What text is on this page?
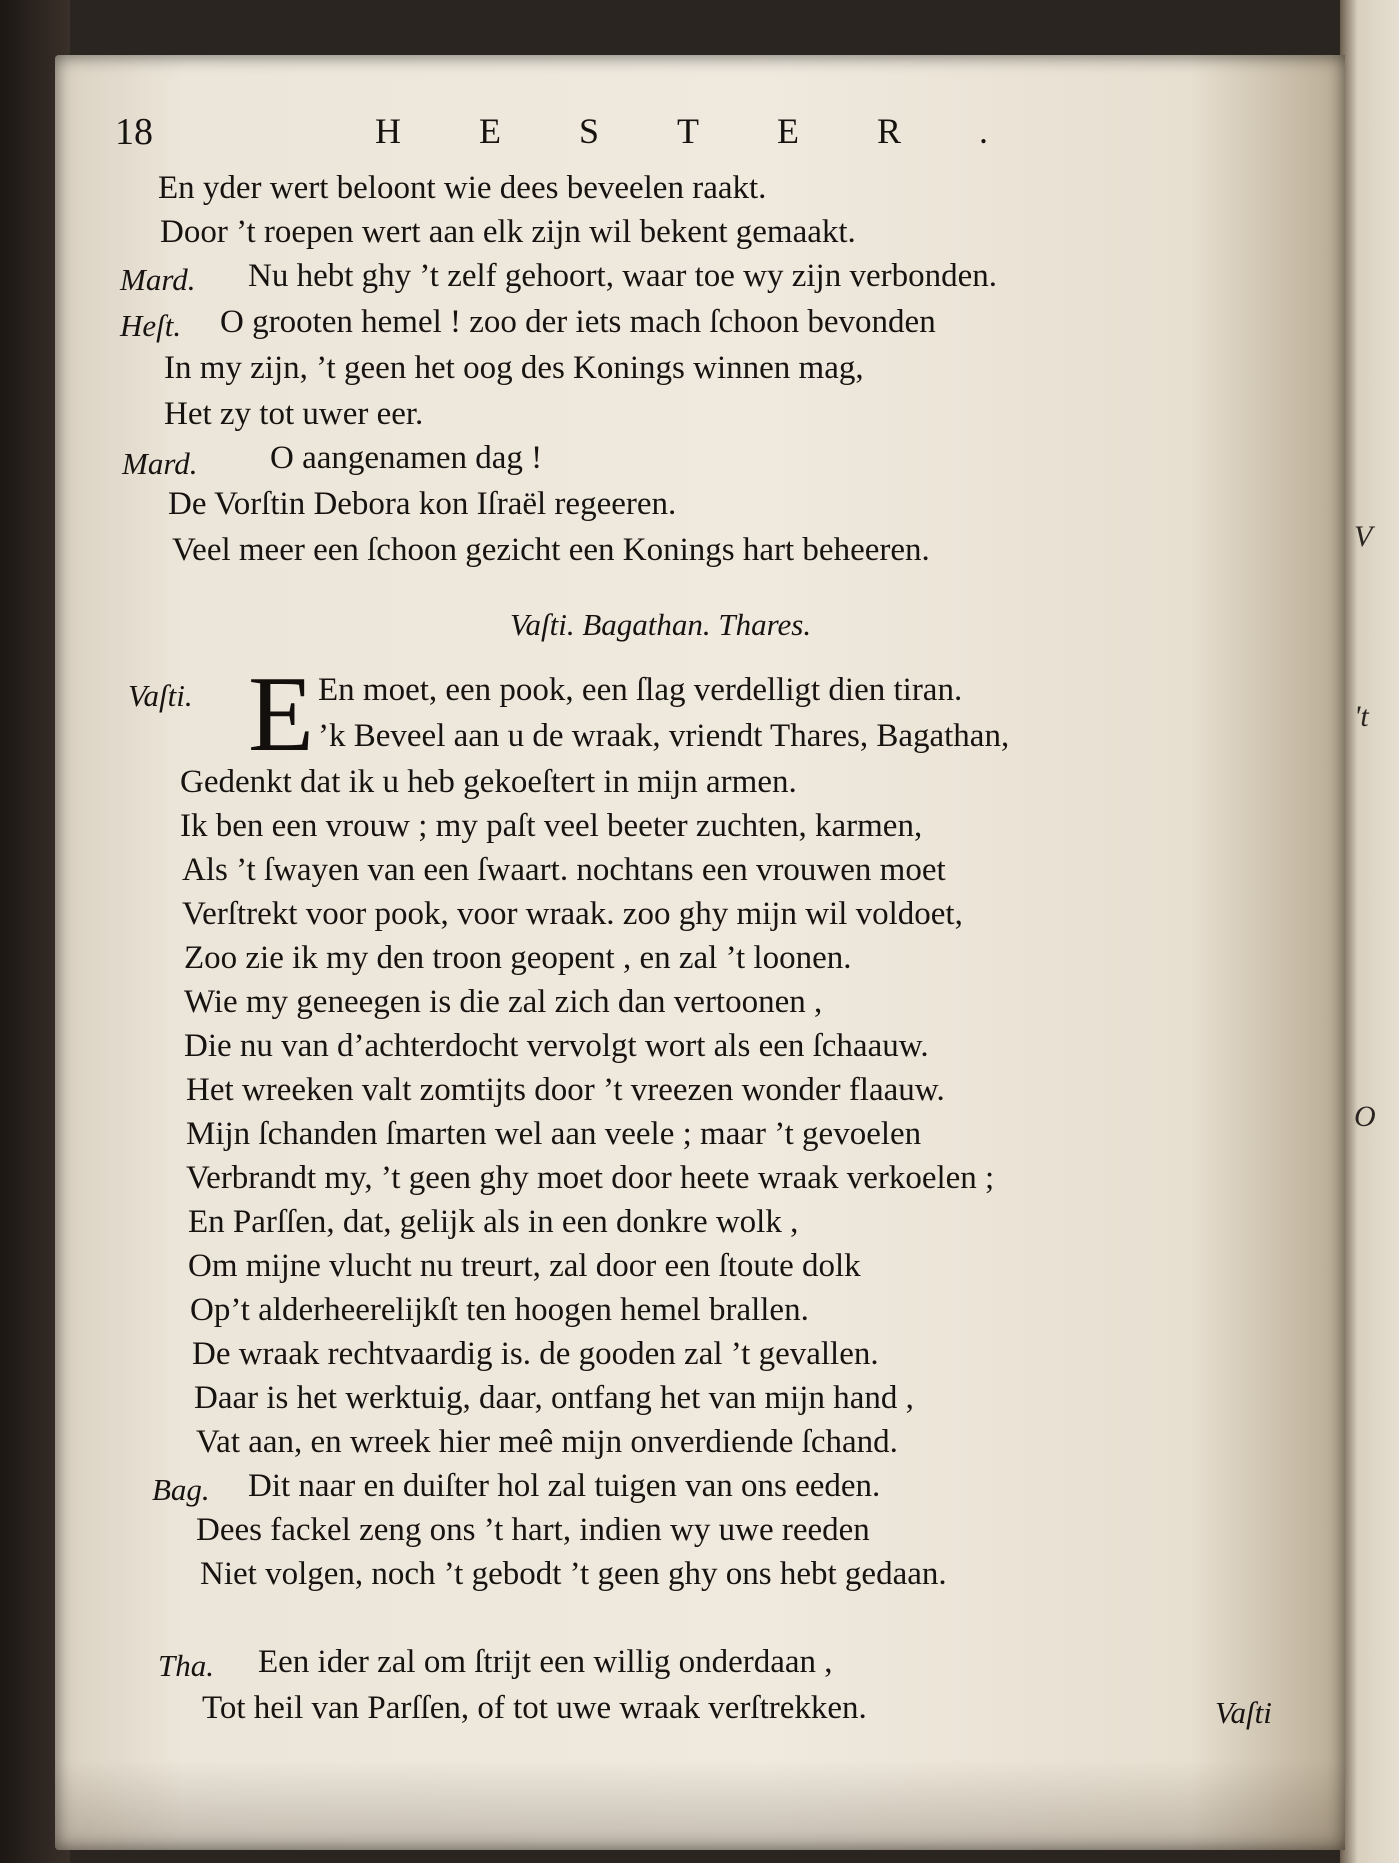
V
't
O
18	HESTER.
En yder wert beloont wie dees beveelen raakt.
Door ’t roepen wert aan elk zijn wil bekent gemaakt.
Mard. Nu hebt ghy ’t zelf gehoort, waar toe wy zijn verbonden.
Heſt. O grooten hemel ! zoo der iets mach ſchoon bevonden
In my zijn, ’t geen het oog des Konings winnen mag,
Het zy tot uwer eer.
Mard. O aangenamen dag !
De Vorſtin Debora kon Iſraël regeeren.
Veel meer een ſchoon gezicht een Konings hart beheeren.
Vaſti. Bagathan. Thares.
E
Vaſti.	En moet, een pook, een ſlag verdelligt dien tiran.
’k Beveel aan u de wraak, vriendt Thares, Bagathan,
Gedenkt dat ik u heb gekoeſtert in mijn armen.
Ik ben een vrouw ; my paſt veel beeter zuchten, karmen,
Als ’t ſwayen van een ſwaart. nochtans een vrouwen moet
Verſtrekt voor pook, voor wraak. zoo ghy mijn wil voldoet,
Zoo zie ik my den troon geopent , en zal ’t loonen.
Wie my geneegen is die zal zich dan vertoonen ,
Die nu van d’achterdocht vervolgt wort als een ſchaauw.
Het wreeken valt zomtijts door ’t vreezen wonder flaauw.
Mijn ſchanden ſmarten wel aan veele ; maar ’t gevoelen
Verbrandt my, ’t geen ghy moet door heete wraak verkoelen ;
En Parſſen, dat, gelijk als in een donkre wolk ,
Om mijne vlucht nu treurt, zal door een ſtoute dolk
Op’t alderheerelijkſt ten hoogen hemel brallen.
De wraak rechtvaardig is. de gooden zal ’t gevallen.
Daar is het werktuig, daar, ontfang het van mijn hand ,
Vat aan, en wreek hier meê mijn onverdiende ſchand.
Bag. Dit naar en duiſter hol zal tuigen van ons eeden.
Dees fackel zeng ons ’t hart, indien wy uwe reeden
Niet volgen, noch ’t gebodt ’t geen ghy ons hebt gedaan.
Tha. Een ider zal om ſtrijt een willig onderdaan ,
Tot heil van Parſſen, of tot uwe wraak verſtrekken.	Vaſti
